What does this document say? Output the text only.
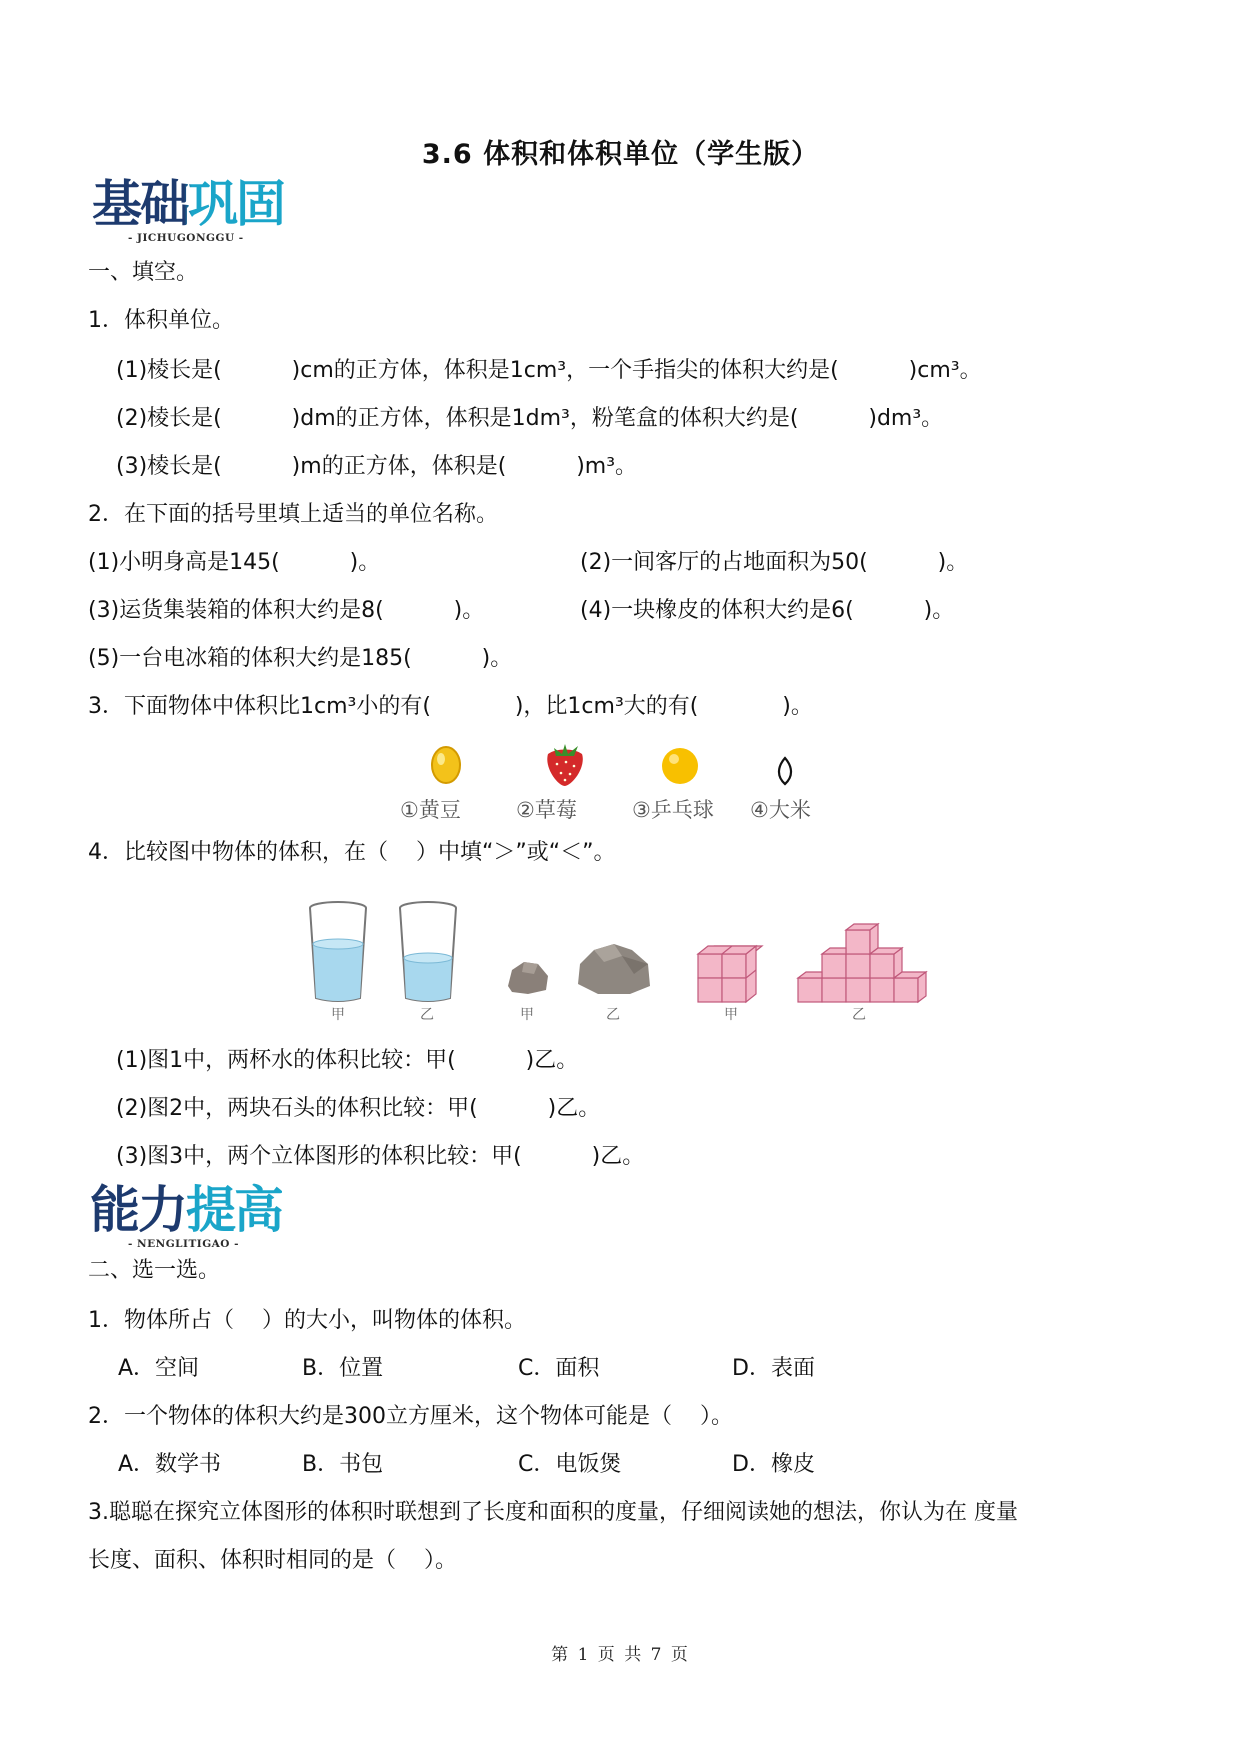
3.6 体积和体积单位（学生版）
基础巩固
- JICHUGONGGU -
一、填空。
1．体积单位。
(1)棱长是(          )cm的正方体，体积是1cm³，一个手指尖的体积大约是(          )cm³。
(2)棱长是(          )dm的正方体，体积是1dm³，粉笔盒的体积大约是(          )dm³。
(3)棱长是(          )m的正方体，体积是(          )m³。
2．在下面的括号里填上适当的单位名称。
(1)小明身高是145(          )。	(2)一间客厅的占地面积为50(          )。
(3)运货集装箱的体积大约是8(          )。	(4)一块橡皮的体积大约是6(          )。
(5)一台电冰箱的体积大约是185(          )。
3．下面物体中体积比1cm³小的有(            )，比1cm³大的有(            )。
①黄豆	②草莓	③乒乓球 ④大米
4．比较图中物体的体积，在（    ）中填“＞”或“＜”。
甲	乙	甲	乙	甲	乙
(1)图1中，两杯水的体积比较：甲(          )乙。
(2)图2中，两块石头的体积比较：甲(          )乙。
(3)图3中，两个立体图形的体积比较：甲(          )乙。
能力提高
- NENGLITIGAO -
二、选一选。
1．物体所占（    ）的大小，叫物体的体积。
A．空间	B．位置	C．面积	D．表面
2．一个物体的体积大约是300立方厘米，这个物体可能是（    ）。
A．数学书	B．书包	C．电饭煲	D．橡皮
3.聪聪在探究立体图形的体积时联想到了长度和面积的度量，仔细阅读她的想法，你认为在 度量
长度、面积、体积时相同的是（    ）。
第 1 页 共 7 页
